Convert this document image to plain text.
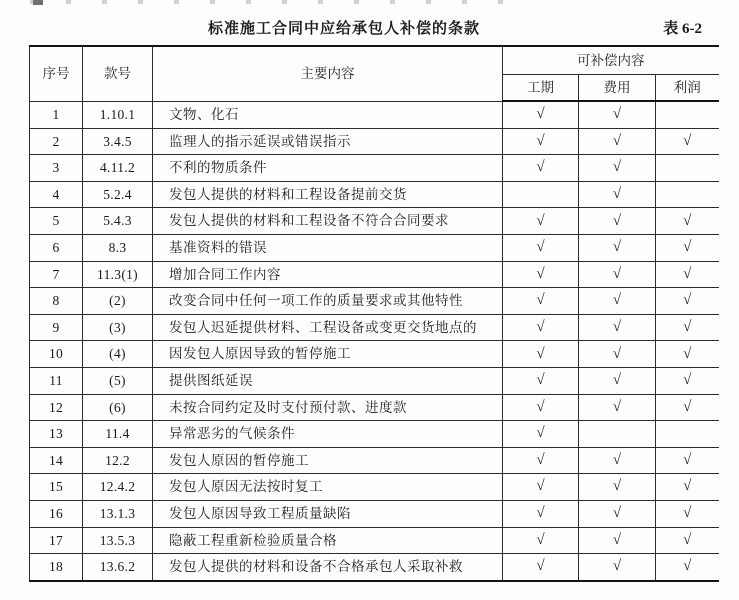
标准施工合同中应给承包人补偿的条款	表 6-2
序号	款号	主要内容	可补偿内容		
			工期	费用	利润
1	1.10.1	文物、化石	√	√	
2	3.4.5	监理人的指示延误或错误指示	√	√	√
3	4.11.2	不利的物质条件	√	√	
4	5.2.4	发包人提供的材料和工程设备提前交货		√	
5	5.4.3	发包人提供的材料和工程设备不符合合同要求	√	√	√
6	8.3	基准资料的错误	√	√	√
7	11.3(1)	增加合同工作内容	√	√	√
8	(2)	改变合同中任何一项工作的质量要求或其他特性	√	√	√
9	(3)	发包人迟延提供材料、工程设备或变更交货地点的	√	√	√
10	(4)	因发包人原因导致的暂停施工	√	√	√
11	(5)	提供图纸延误	√	√	√
12	(6)	未按合同约定及时支付预付款、进度款	√	√	√
13	11.4	异常恶劣的气候条件	√		
14	12.2	发包人原因的暂停施工	√	√	√
15	12.4.2	发包人原因无法按时复工	√	√	√
16	13.1.3	发包人原因导致工程质量缺陷	√	√	√
17	13.5.3	隐蔽工程重新检验质量合格	√	√	√
18	13.6.2	发包人提供的材料和设备不合格承包人采取补救	√	√	√
